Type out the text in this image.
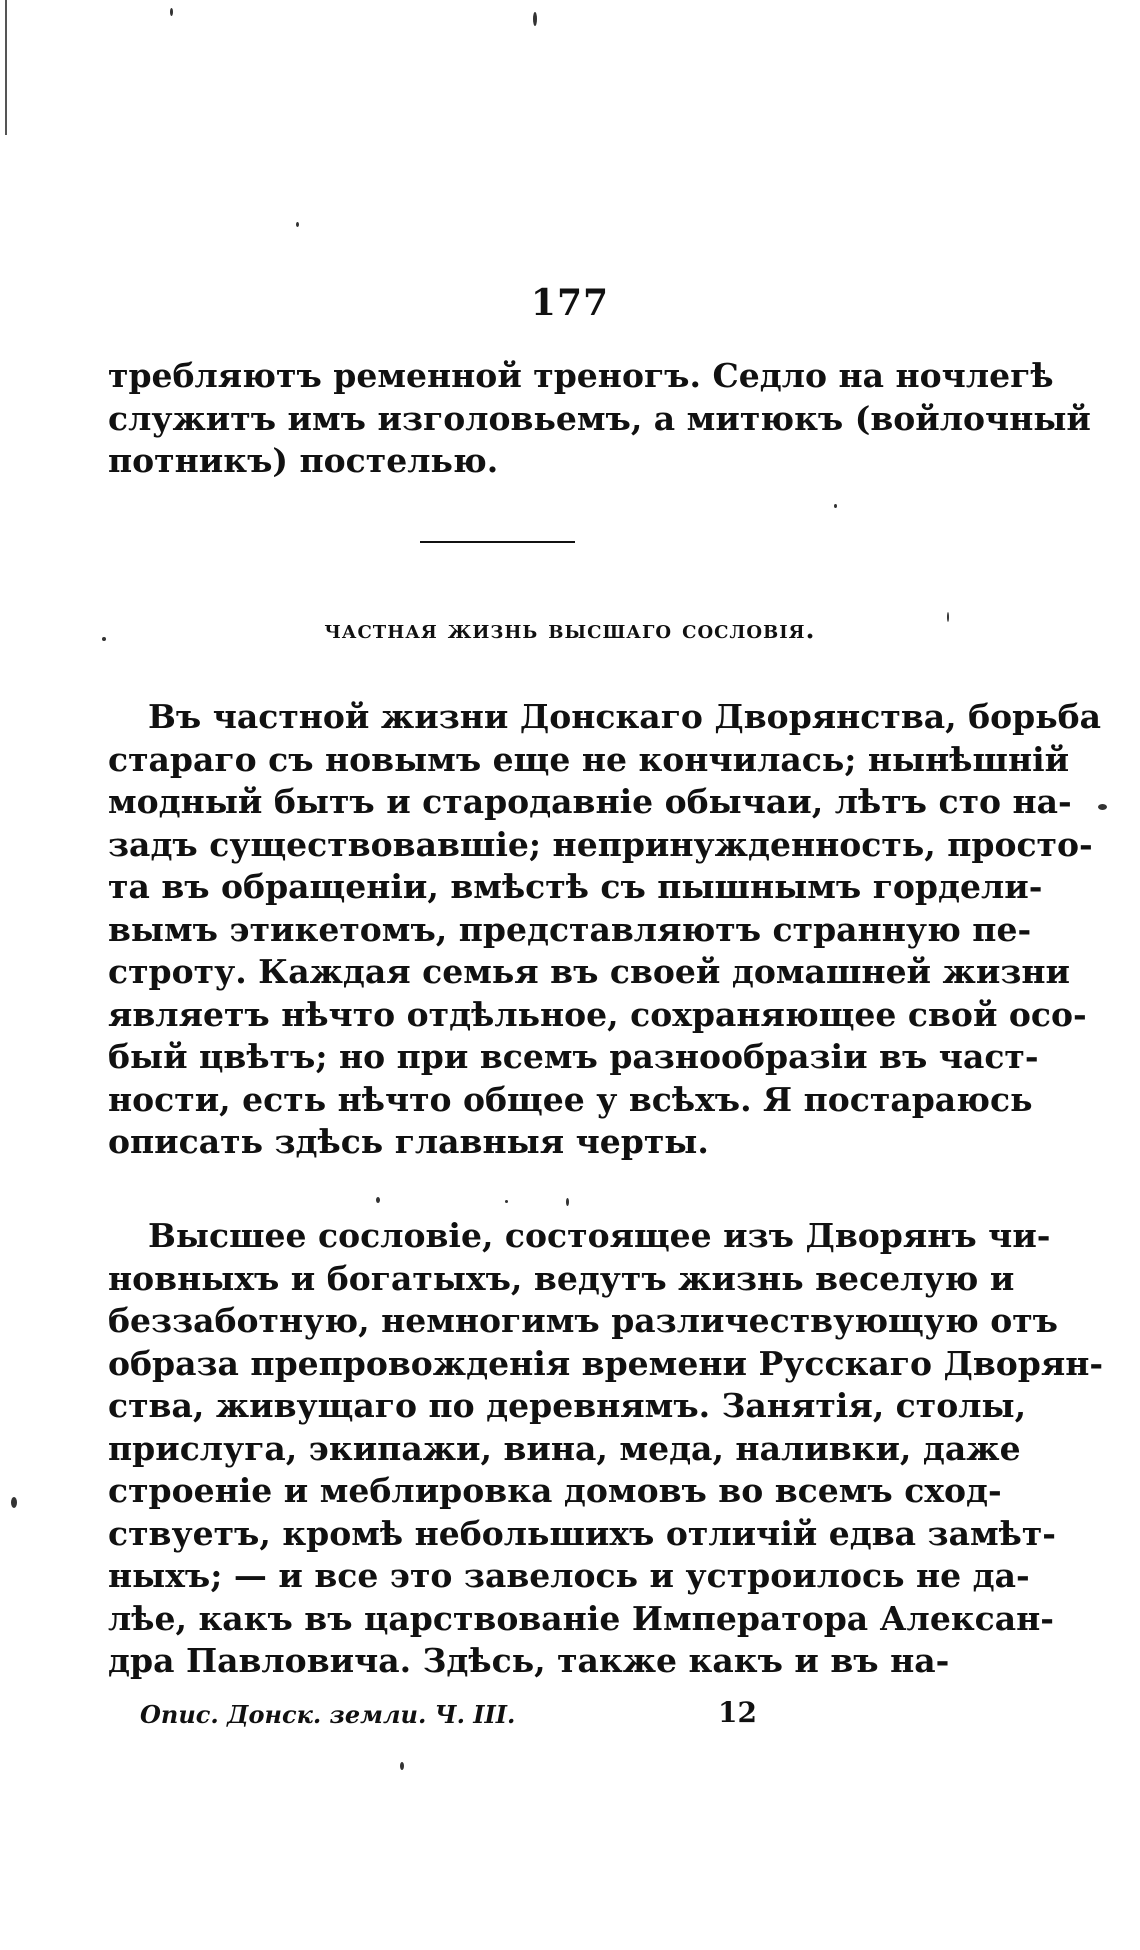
177
требляютъ ременной треногъ. Седло на ночлегѣ
служитъ имъ изголовьемъ, а митюкъ (войлочный
потникъ) постелью.
частная жизнь высшаго сословія.
Въ частной жизни Донскаго Дворянства, борьба
стараго съ новымъ еще не кончилась; нынѣшній
модный бытъ и стародавніе обычаи, лѣтъ сто на-
задъ существовавшіе; непринужденность, просто-
та въ обращеніи, вмѣстѣ съ пышнымъ гордели-
вымъ этикетомъ, представляютъ странную пе-
строту. Каждая семья въ своей домашней жизни
являетъ нѣчто отдѣльное, сохраняющее свой осо-
бый цвѣтъ; но при всемъ разнообразіи въ част-
ности, есть нѣчто общее у всѣхъ. Я постараюсь
описать здѣсь главныя черты.
Высшее сословіе, состоящее изъ Дворянъ чи-
новныхъ и богатыхъ, ведутъ жизнь веселую и
беззаботную, немногимъ различествующую отъ
образа препровожденія времени Русскаго Дворян-
ства, живущаго по деревнямъ. Занятія, столы,
прислуга, экипажи, вина, меда, наливки, даже
строеніе и меблировка домовъ во всемъ сход-
ствуетъ, кромѣ небольшихъ отличій едва замѣт-
ныхъ; — и все это завелось и устроилось не да-
лѣе, какъ въ царствованіе Императора Алексан-
дра Павловича. Здѣсь, также какъ и въ на-
Опис. Донск. земли. Ч. III.	12
